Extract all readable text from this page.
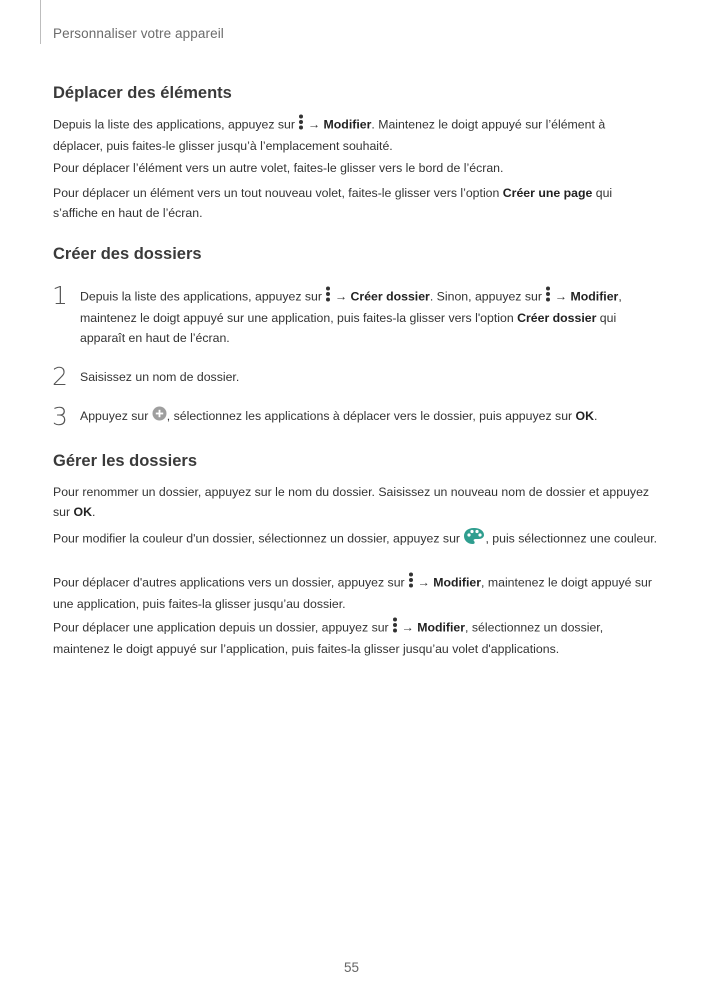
Personnaliser votre appareil
Déplacer des éléments
Depuis la liste des applications, appuyez sur  → Modifier. Maintenez le doigt appuyé sur l’élément à déplacer, puis faites-le glisser jusqu’à l’emplacement souhaité.
Pour déplacer l’élément vers un autre volet, faites-le glisser vers le bord de l’écran.
Pour déplacer un élément vers un tout nouveau volet, faites-le glisser vers l’option Créer une page qui s’affiche en haut de l’écran.
Créer des dossiers
1 Depuis la liste des applications, appuyez sur  → Créer dossier. Sinon, appuyez sur  → Modifier, maintenez le doigt appuyé sur une application, puis faites-la glisser vers l'option Créer dossier qui apparaît en haut de l’écran.
2 Saisissez un nom de dossier.
3 Appuyez sur , sélectionnez les applications à déplacer vers le dossier, puis appuyez sur OK.
Gérer les dossiers
Pour renommer un dossier, appuyez sur le nom du dossier. Saisissez un nouveau nom de dossier et appuyez sur OK.
Pour modifier la couleur d'un dossier, sélectionnez un dossier, appuyez sur , puis sélectionnez une couleur.
Pour déplacer d'autres applications vers un dossier, appuyez sur  → Modifier, maintenez le doigt appuyé sur une application, puis faites-la glisser jusqu’au dossier.
Pour déplacer une application depuis un dossier, appuyez sur  → Modifier, sélectionnez un dossier, maintenez le doigt appuyé sur l’application, puis faites-la glisser jusqu’au volet d'applications.
55
